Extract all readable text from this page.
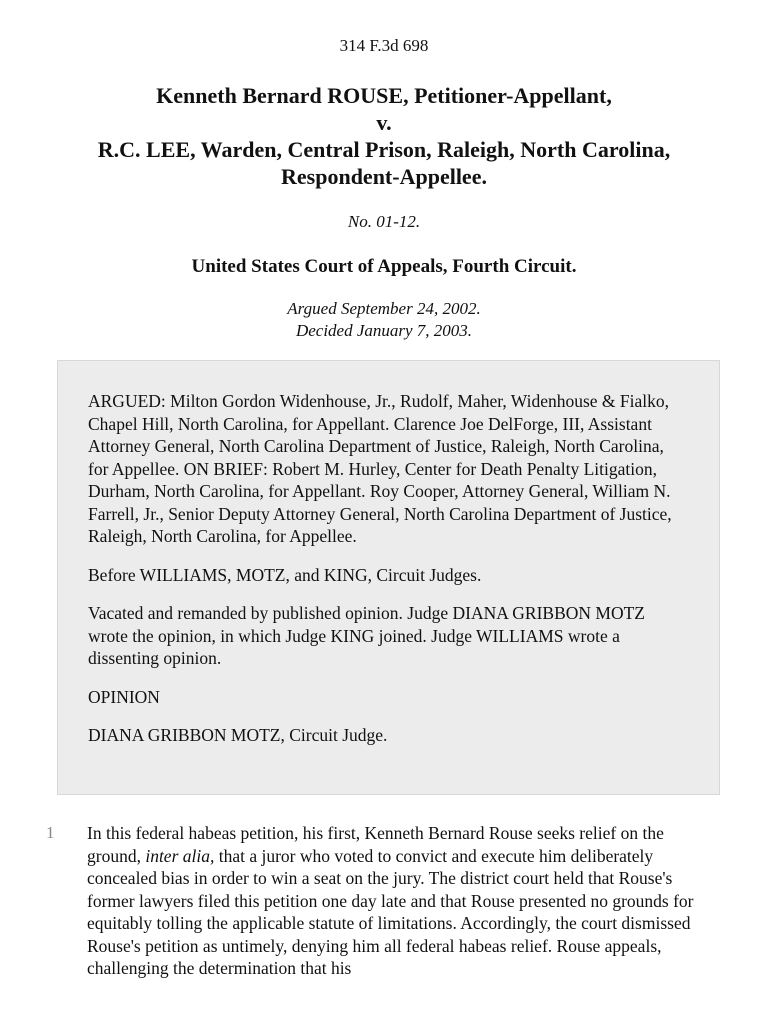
314 F.3d 698
Kenneth Bernard ROUSE, Petitioner-Appellant,
v.
R.C. LEE, Warden, Central Prison, Raleigh, North Carolina,
Respondent-Appellee.
No. 01-12.
United States Court of Appeals, Fourth Circuit.
Argued September 24, 2002.
Decided January 7, 2003.

ARGUED: Milton Gordon Widenhouse, Jr., Rudolf, Maher, Widenhouse & Fialko, Chapel Hill, North Carolina, for Appellant. Clarence Joe DelForge, III, Assistant Attorney General, North Carolina Department of Justice, Raleigh, North Carolina, for Appellee. ON BRIEF: Robert M. Hurley, Center for Death Penalty Litigation, Durham, North Carolina, for Appellant. Roy Cooper, Attorney General, William N. Farrell, Jr., Senior Deputy Attorney General, North Carolina Department of Justice, Raleigh, North Carolina, for Appellee.

Before WILLIAMS, MOTZ, and KING, Circuit Judges.

Vacated and remanded by published opinion. Judge DIANA GRIBBON MOTZ wrote the opinion, in which Judge KING joined. Judge WILLIAMS wrote a dissenting opinion.

OPINION

DIANA GRIBBON MOTZ, Circuit Judge.

1 In this federal habeas petition, his first, Kenneth Bernard Rouse seeks relief on the ground, inter alia, that a juror who voted to convict and execute him deliberately concealed bias in order to win a seat on the jury. The district court held that Rouse's former lawyers filed this petition one day late and that Rouse presented no grounds for equitably tolling the applicable statute of limitations. Accordingly, the court dismissed Rouse's petition as untimely, denying him all federal habeas relief. Rouse appeals, challenging the determination that his
